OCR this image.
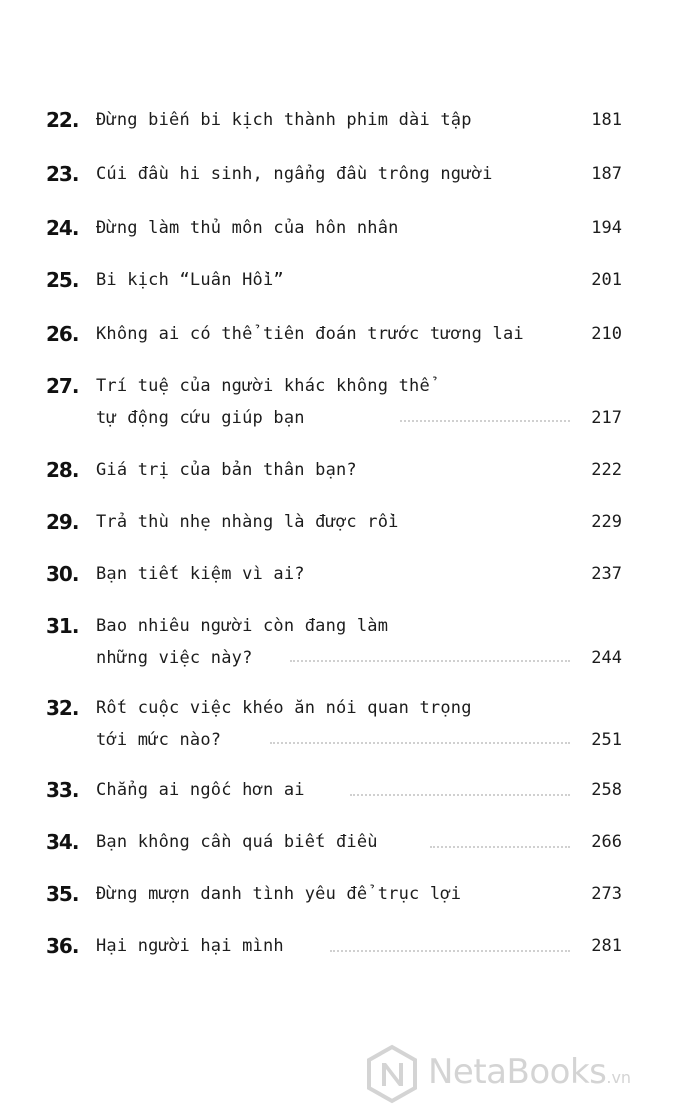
22. Đừng biến bi kịch thành phim dài tập	181
23. Cúi đầu hi sinh, ngẩng đầu trông người	187
24. Đừng làm thủ môn của hôn nhân	194
25. Bi kịch “Luân Hồi”	201
26. Không ai có thể tiên đoán trước tương lai	210
27. Trí tuệ của người khác không thể
tự động cứu giúp bạn	217
28. Giá trị của bản thân bạn?	222
29. Trả thù nhẹ nhàng là được rồi	229
30. Bạn tiết kiệm vì ai?	237
31. Bao nhiêu người còn đang làm
những việc này?	244
32. Rốt cuộc việc khéo ăn nói quan trọng
tới mức nào?	251
33. Chẳng ai ngốc hơn ai	258
34. Bạn không cần quá biết điều	266
35. Đừng mượn danh tình yêu để trục lợi	273
36. Hại người hại mình	281
NetaBooks.vn
